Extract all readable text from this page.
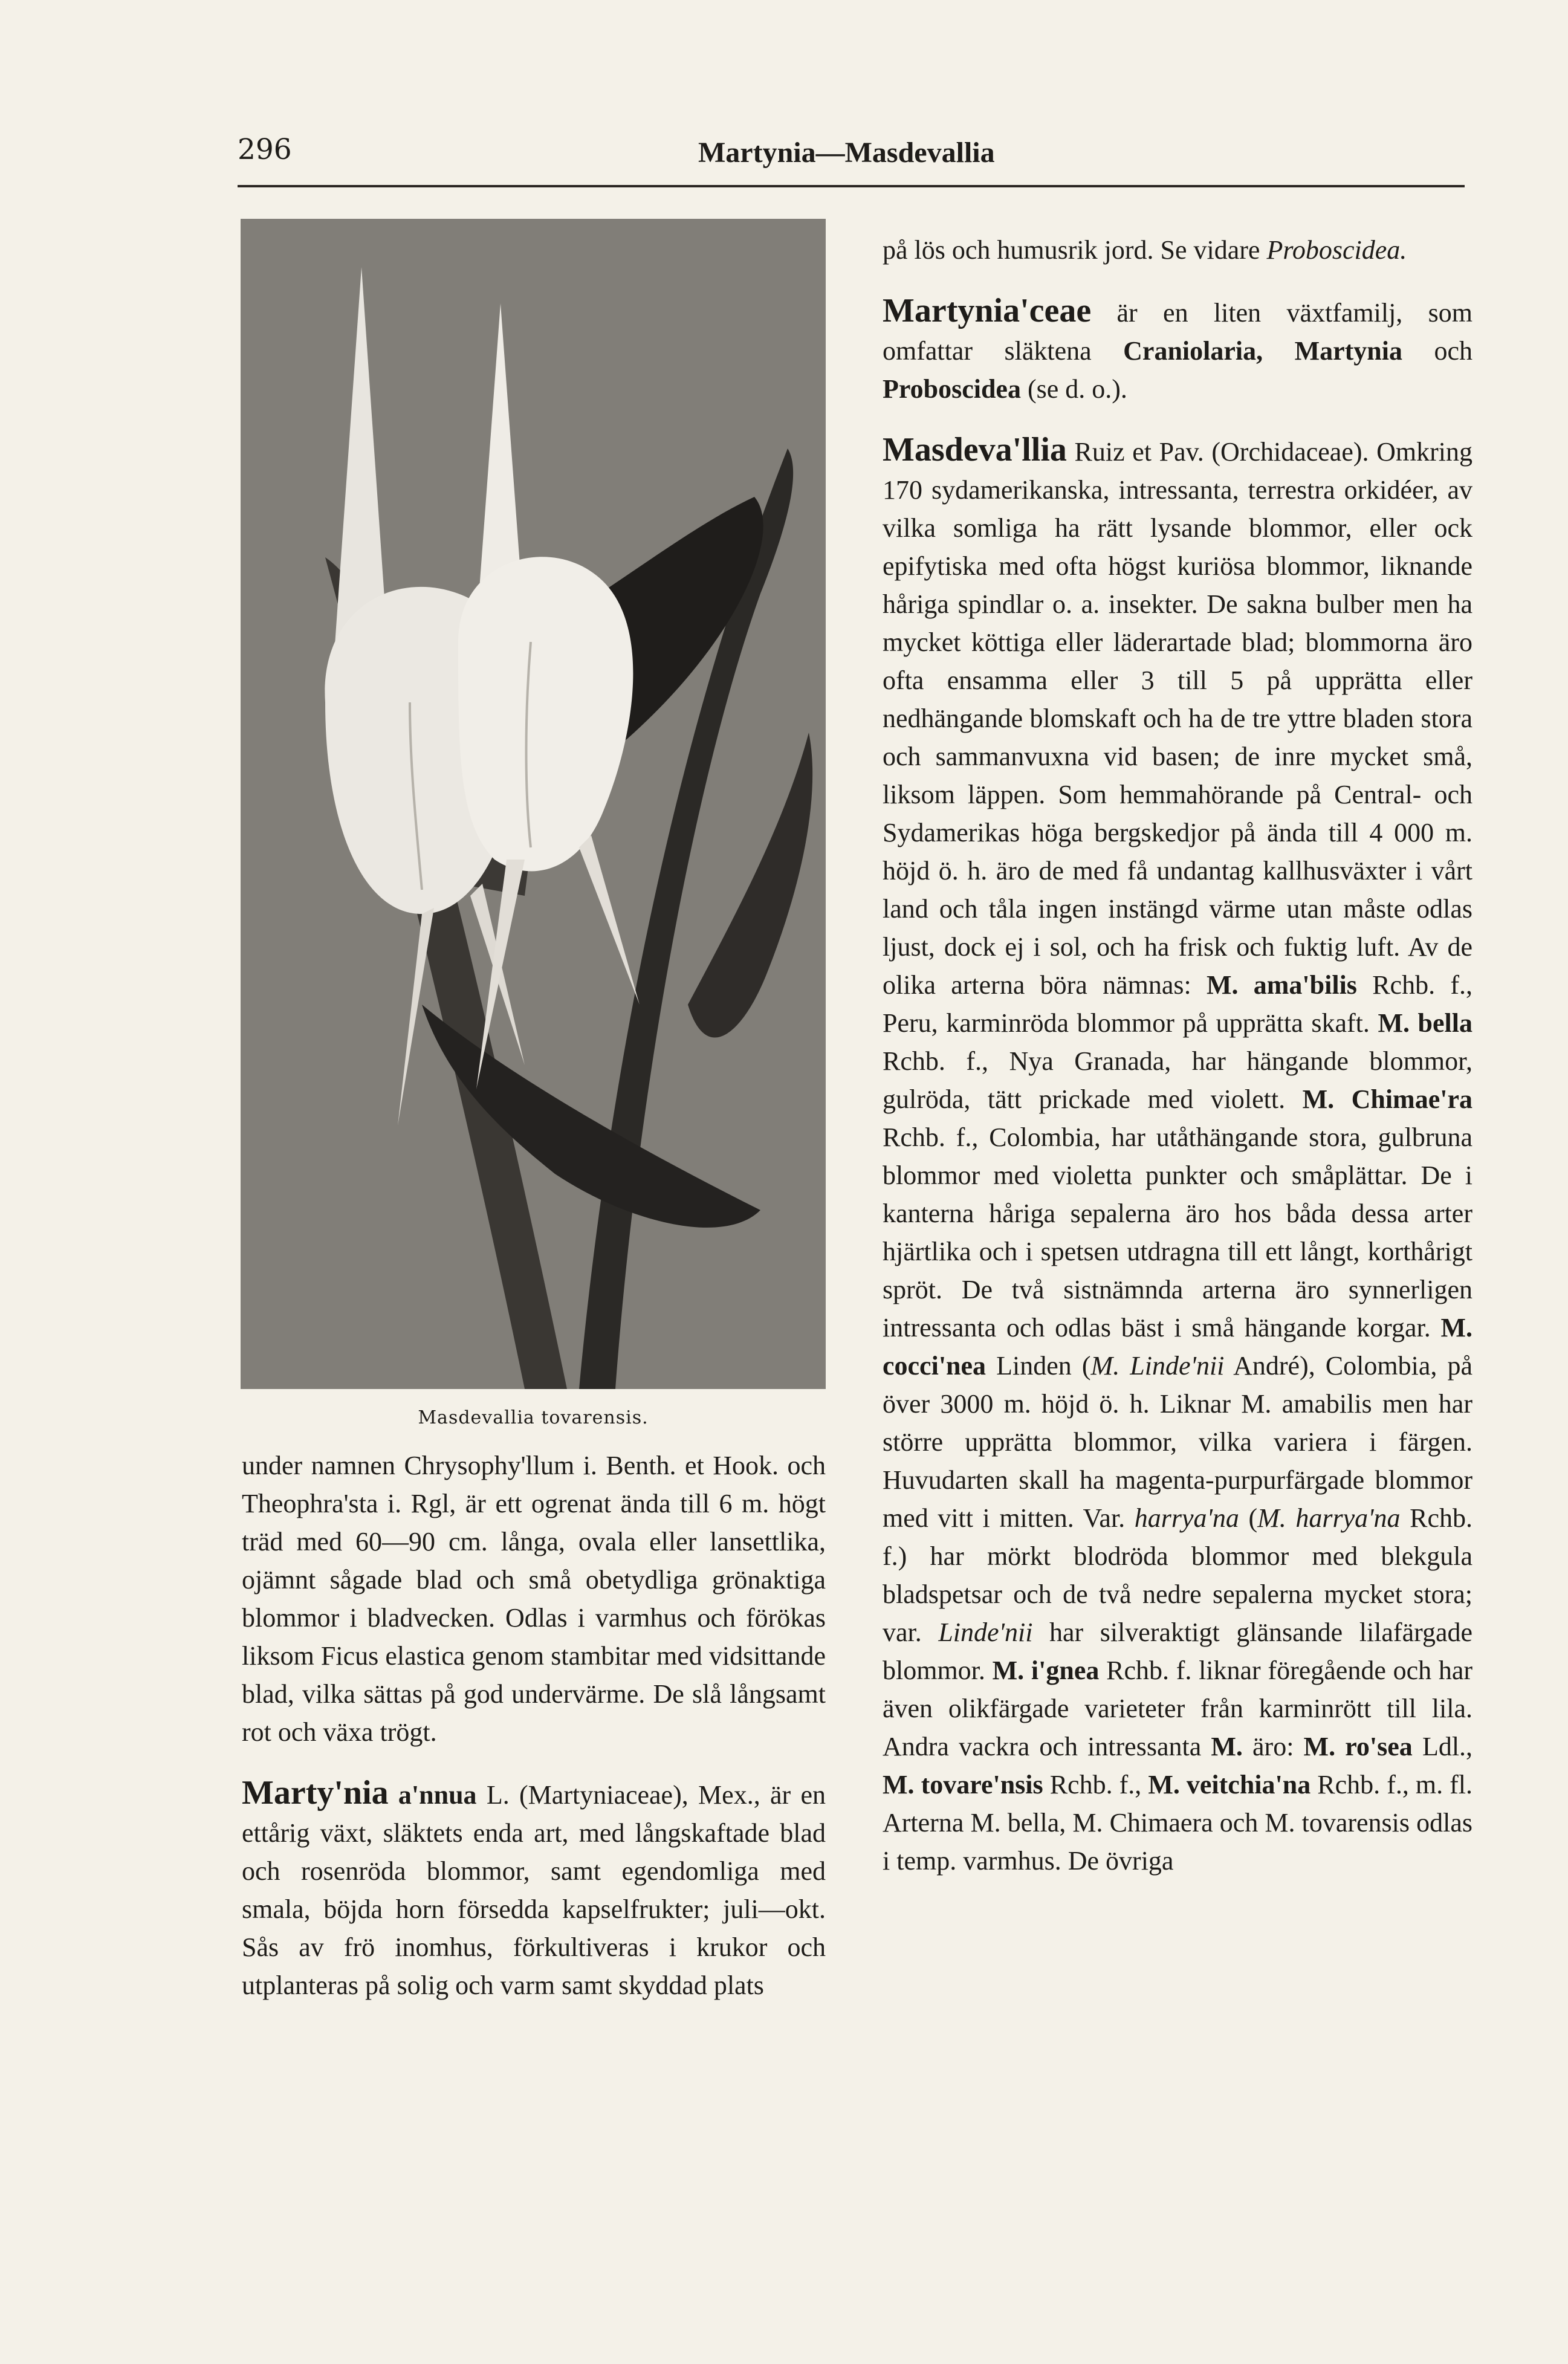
296	Martynia—Masdevallia
Masdevallia tovarensis.

under namnen Chrysophy'llum i. Benth. et Hook. och Theophra'sta i. Rgl, är ett ogrenat ända till 6 m. högt träd med 60—90 cm. långa, ovala eller lansettlika, ojämnt sågade blad och små obetydliga grönaktiga blommor i bladvecken. Odlas i varmhus och förökas liksom Ficus elastica genom stambitar med vidsittande blad, vilka sättas på god undervärme. De slå långsamt rot och växa trögt.

Marty'nia a'nnua L. (Martyniaceae), Mex., är en ettårig växt, släktets enda art, med långskaftade blad och rosenröda blommor, samt egendomliga med smala, böjda horn försedda kapselfrukter; juli—okt. Sås av frö inomhus, förkultiveras i krukor och utplanteras på solig och varm samt skyddad plats

på lös och humusrik jord. Se vidare Proboscidea.

Martynia'ceae är en liten växtfamilj, som omfattar släktena Craniolaria, Martynia och Proboscidea (se d. o.).

Masdeva'llia Ruiz et Pav. (Orchidaceae). Omkring 170 sydamerikanska, intressanta, terrestra orkidéer, av vilka somliga ha rätt lysande blommor, eller ock epifytiska med ofta högst kuriösa blommor, liknande håriga spindlar o. a. insekter. De sakna bulber men ha mycket köttiga eller läderartade blad; blommorna äro ofta ensamma eller 3 till 5 på upprätta eller nedhängande blomskaft och ha de tre yttre bladen stora och sammanvuxna vid basen; de inre mycket små, liksom läppen. Som hemmahörande på Central- och Sydamerikas höga bergskedjor på ända till 4 000 m. höjd ö. h. äro de med få undantag kallhusväxter i vårt land och tåla ingen instängd värme utan måste odlas ljust, dock ej i sol, och ha frisk och fuktig luft. Av de olika arterna böra nämnas: M. ama'bilis Rchb. f., Peru, karminröda blommor på upprätta skaft. M. bella Rchb. f., Nya Granada, har hängande blommor, gulröda, tätt prickade med violett. M. Chimae'ra Rchb. f., Colombia, har utåthängande stora, gulbruna blommor med violetta punkter och småplättar. De i kanterna håriga sepalerna äro hos båda dessa arter hjärtlika och i spetsen utdragna till ett långt, korthårigt spröt. De två sistnämnda arterna äro synnerligen intressanta och odlas bäst i små hängande korgar. M. cocci'nea Linden (M. Linde'nii André), Colombia, på över 3000 m. höjd ö. h. Liknar M. amabilis men har större upprätta blommor, vilka variera i färgen. Huvudarten skall ha magenta-purpurfärgade blommor med vitt i mitten. Var. harrya'na (M. harrya'na Rchb. f.) har mörkt blodröda blommor med blekgula bladspetsar och de två nedre sepalerna mycket stora; var. Linde'nii har silveraktigt glänsande lilafärgade blommor. M. i'gnea Rchb. f. liknar föregående och har även olikfärgade varieteter från karminrött till lila. Andra vackra och intressanta M. äro: M. ro'sea Ldl., M. tovare'nsis Rchb. f., M. veitchia'na Rchb. f., m. fl. Arterna M. bella, M. Chimaera och M. tovarensis odlas i temp. varmhus. De övriga
